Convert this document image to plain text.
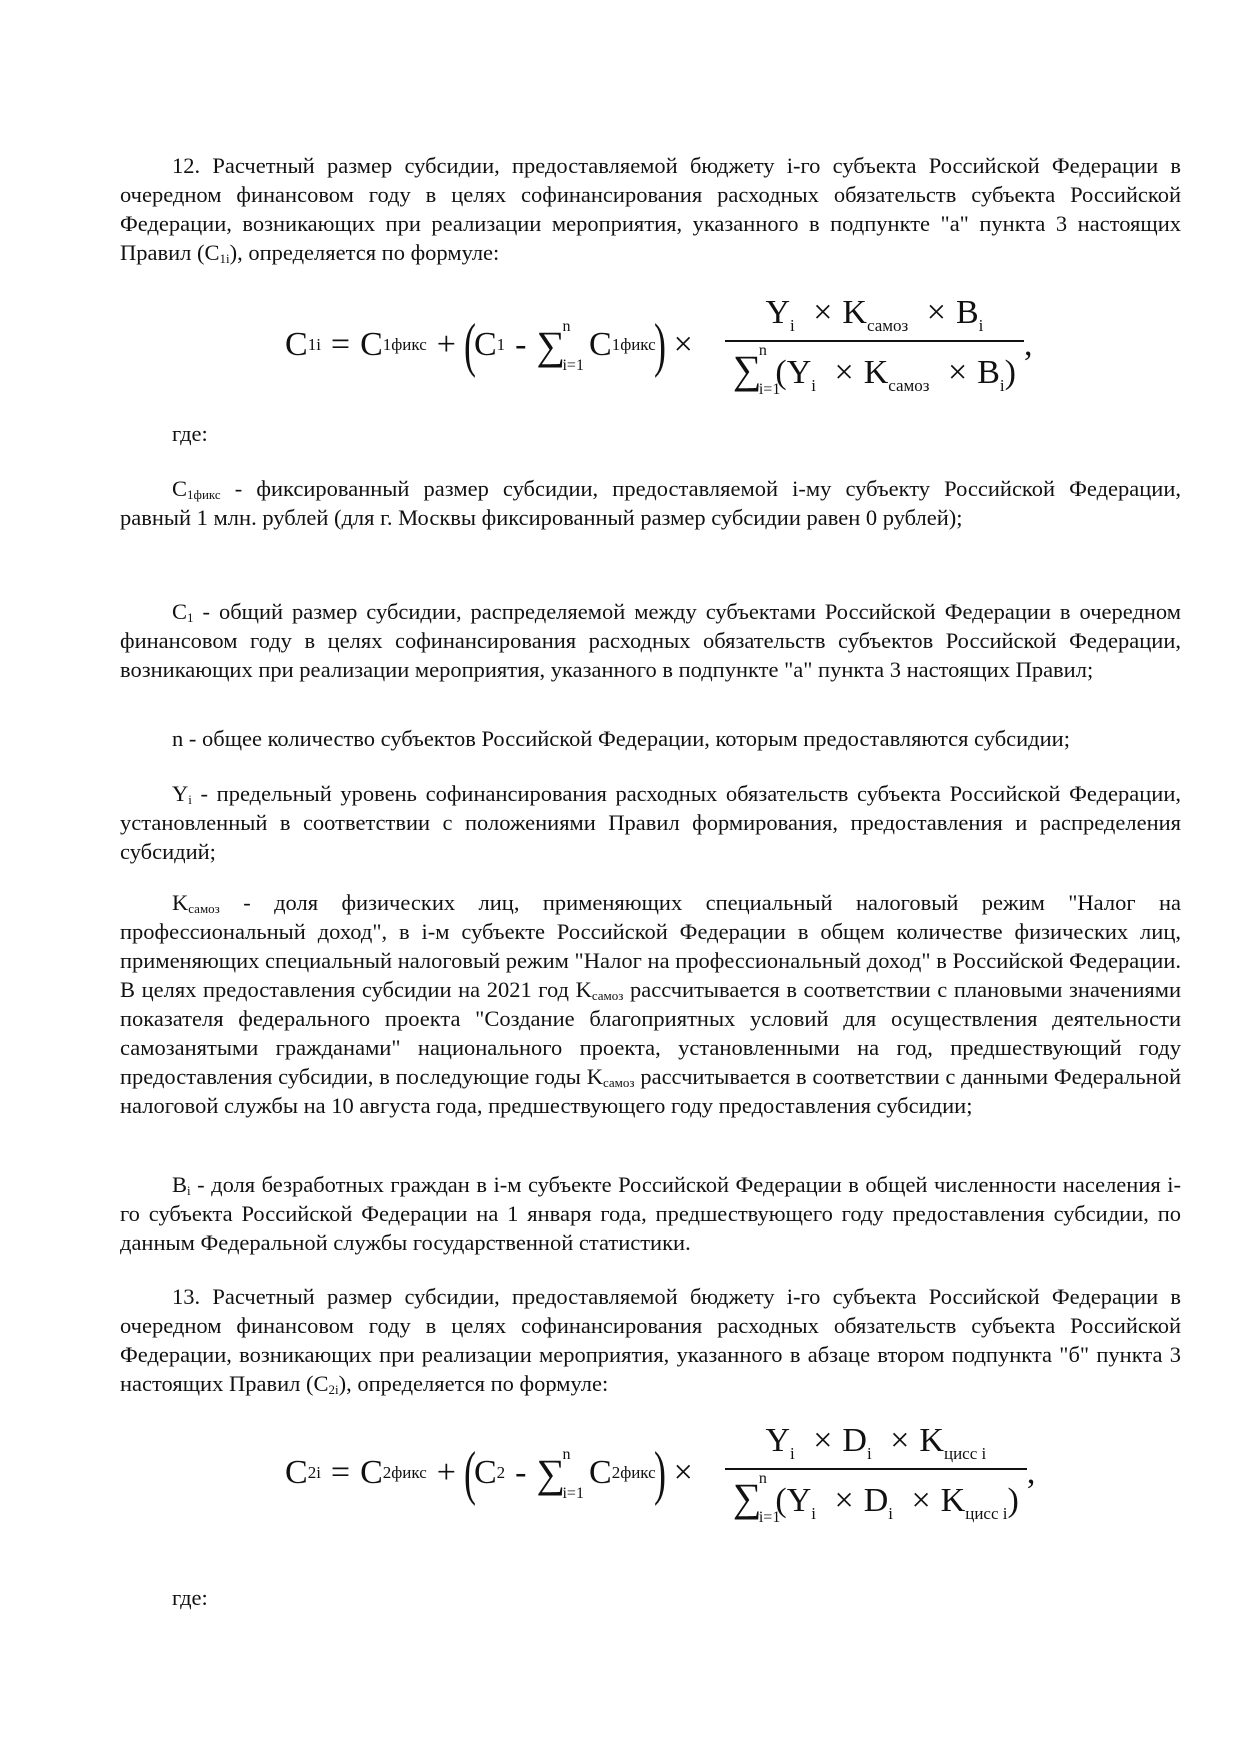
12. Расчетный размер субсидии, предоставляемой бюджету i-го субъекта Российской Федерации в очередном финансовом году в целях софинансирования расходных обязательств субъекта Российской Федерации, возникающих при реализации мероприятия, указанного в подпункте "а" пункта 3 настоящих Правил $(C_{1i})$, определяется по формуле:

C 1i = C 1фикс + (
C 1 - ∑
n
i=1
C 1фикс
) × $Y_i \times K_{самоз} \times B_i$
∑
n
i=1
$(Y_i \times K_{самоз} \times B_i)$ ,

где:

$C_{1фикс}$ - фиксированный размер субсидии, предоставляемой i-му субъекту Российской Федерации, равный 1 млн. рублей (для г. Москвы фиксированный размер субсидии равен 0 рублей);

$C_1$ - общий размер субсидии, распределяемой между субъектами Российской Федерации в очередном финансовом году в целях софинансирования расходных обязательств субъектов Российской Федерации, возникающих при реализации мероприятия, указанного в подпункте "а" пункта 3 настоящих Правил;

n - общее количество субъектов Российской Федерации, которым предоставляются субсидии;

$Y_i$ - предельный уровень софинансирования расходных обязательств субъекта Российской Федерации, установленный в соответствии с положениями Правил формирования, предоставления и распределения субсидий;

$K_{самоз}$ - доля физических лиц, применяющих специальный налоговый режим "Налог на профессиональный доход", в i-м субъекте Российской Федерации в общем количестве физических лиц, применяющих специальный налоговый режим "Налог на профессиональный доход" в Российской Федерации. В целях предоставления субсидии на 2021 год $K_{самоз}$ рассчитывается в соответствии с плановыми значениями показателя федерального проекта "Создание благоприятных условий для осуществления деятельности самозанятыми гражданами" национального проекта, установленными на год, предшествующий году предоставления субсидии, в последующие годы $K_{самоз}$ рассчитывается в соответствии с данными Федеральной налоговой службы на 10 августа года, предшествующего году предоставления субсидии;

$B_i$ - доля безработных граждан в i-м субъекте Российской Федерации в общей численности населения i-го субъекта Российской Федерации на 1 января года, предшествующего году предоставления субсидии, по данным Федеральной службы государственной статистики.

13. Расчетный размер субсидии, предоставляемой бюджету i-го субъекта Российской Федерации в очередном финансовом году в целях софинансирования расходных обязательств субъекта Российской Федерации, возникающих при реализации мероприятия, указанного в абзаце втором подпункта "б" пункта 3 настоящих Правил $(C_{2i})$, определяется по формуле:

C 2i = C 2фикс + (
C 2 - ∑
n
i=1
C 2фикс
) × $Y_i \times D_i \times K_{цисс i}$
∑
n
i=1
$(Y_i \times D_i \times K_{цисс i})$ ,

где:
